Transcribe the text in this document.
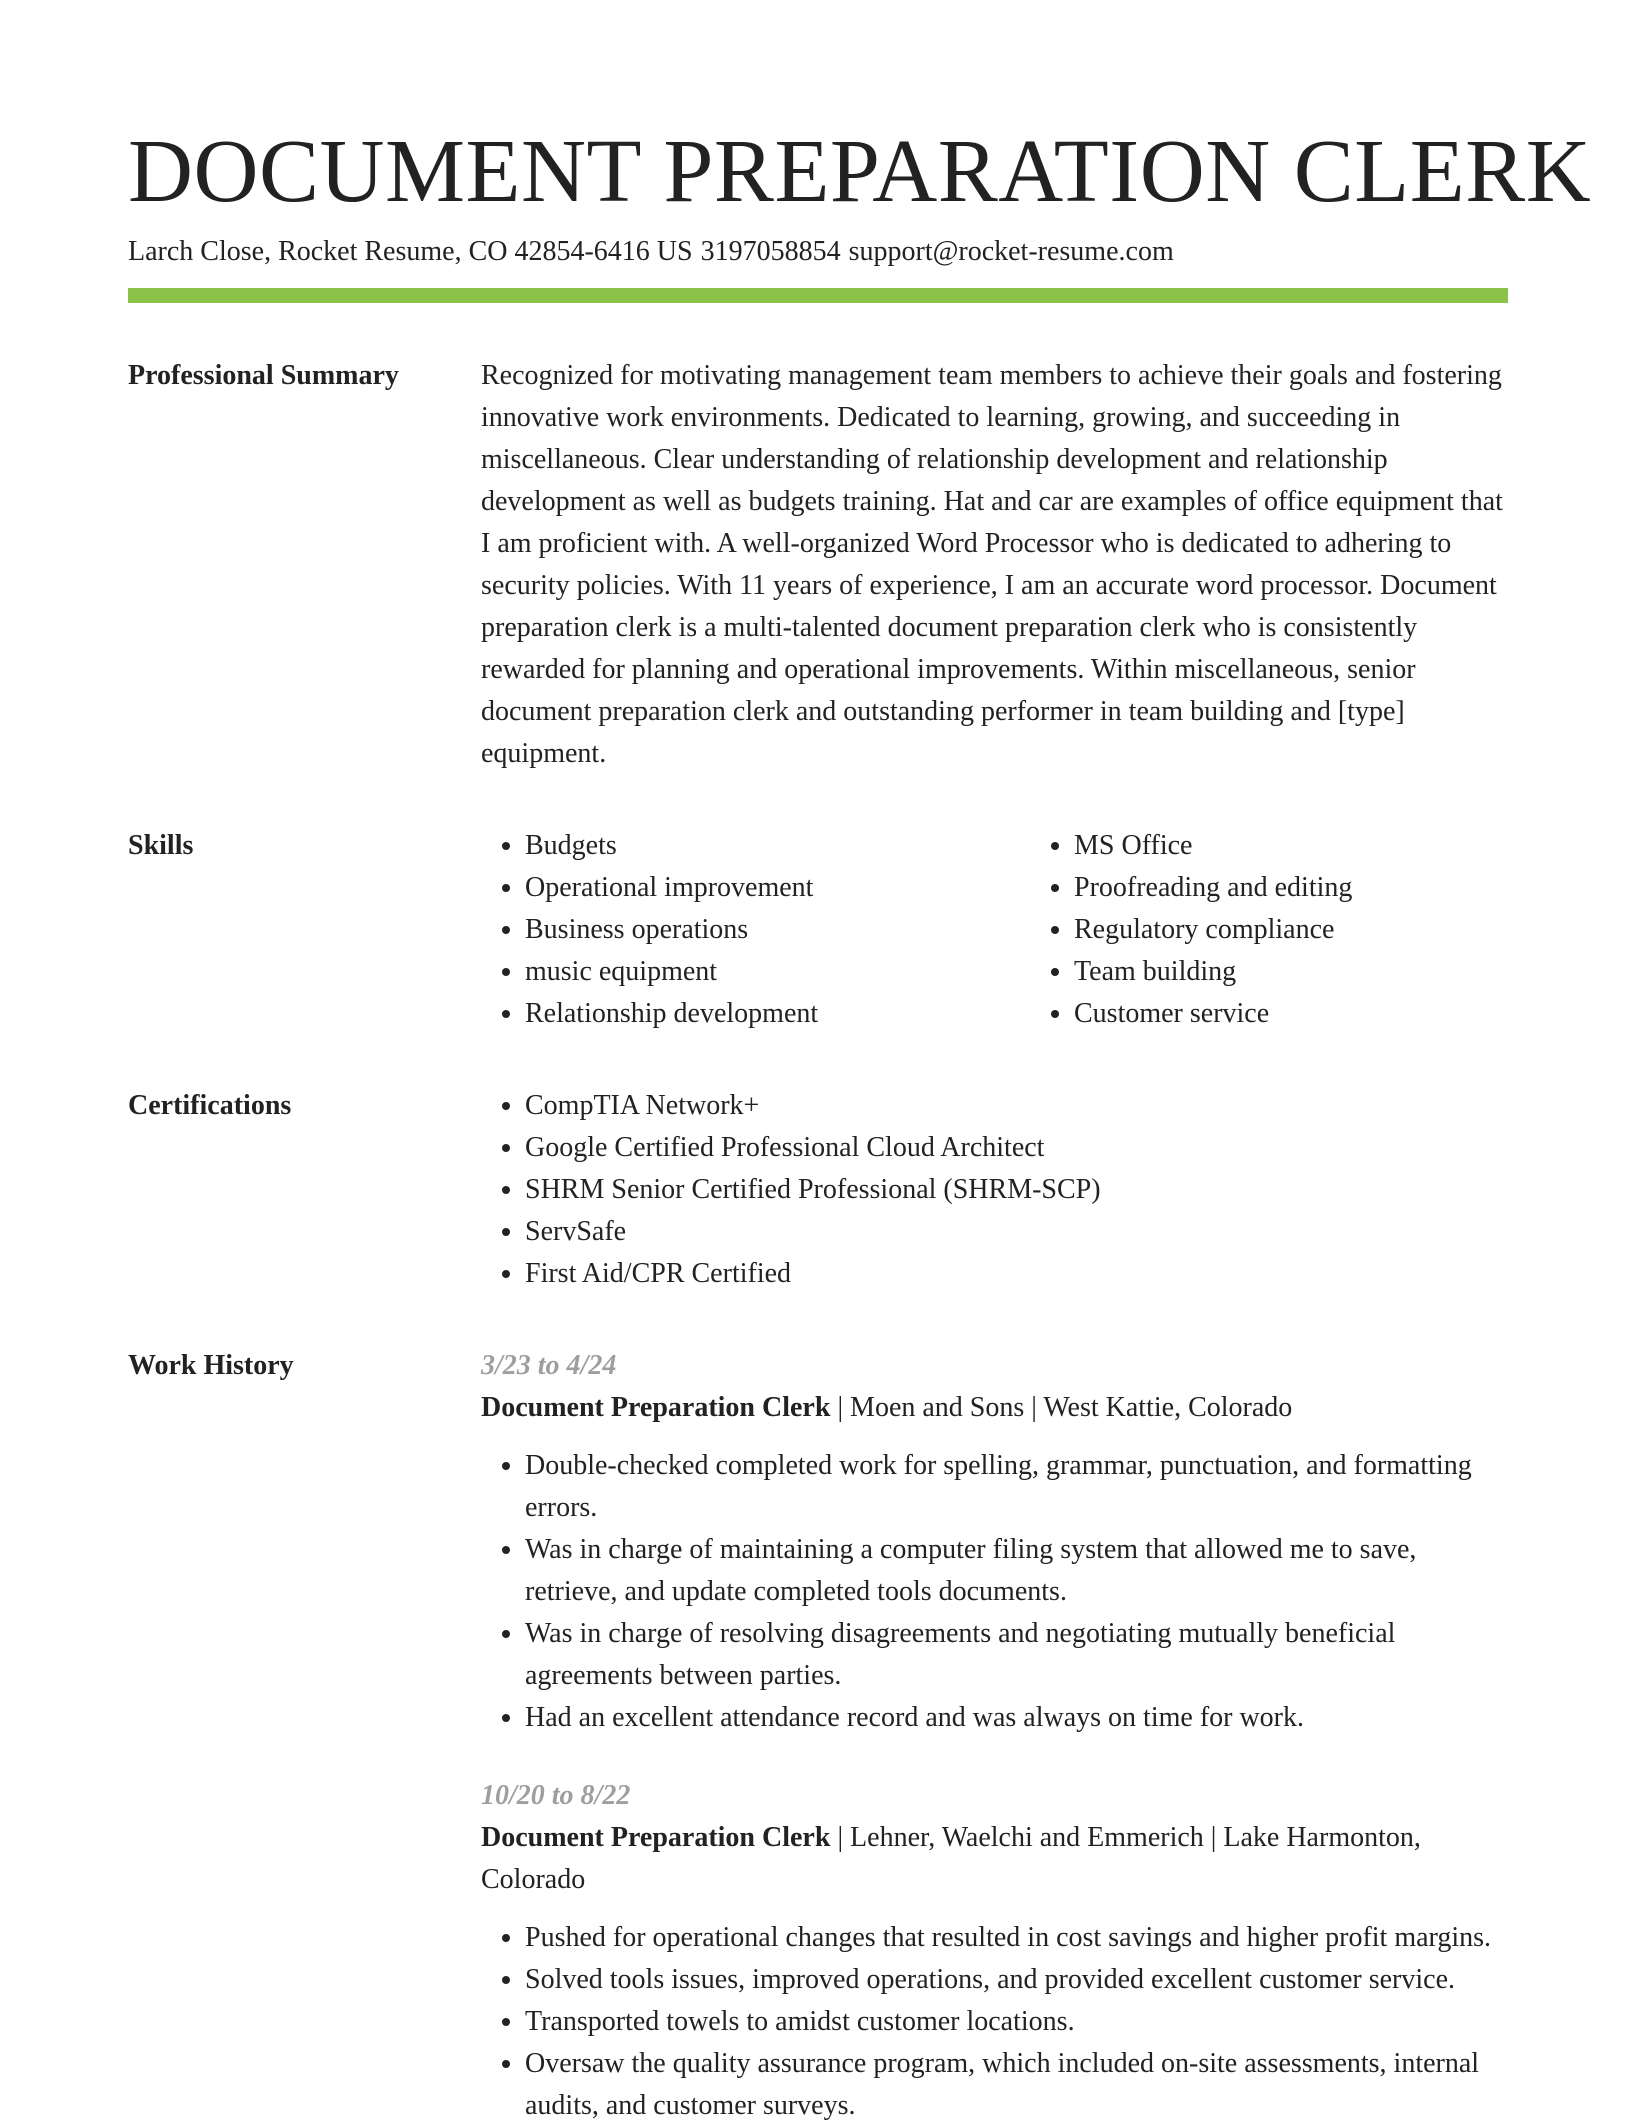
DOCUMENT PREPARATION CLERK
Larch Close, Rocket Resume, CO 42854-6416 US 3197058854 support@rocket-resume.com
Professional Summary	Recognized for motivating management team members to achieve their goals and fostering innovative work environments. Dedicated to learning, growing, and succeeding in miscellaneous. Clear understanding of relationship development and relationship development as well as budgets training. Hat and car are examples of office equipment that I am proficient with. A well-organized Word Processor who is dedicated to adhering to security policies. With 11 years of experience, I am an accurate word processor. Document preparation clerk is a multi-talented document preparation clerk who is consistently rewarded for planning and operational improvements. Within miscellaneous, senior document preparation clerk and outstanding performer in team building and [type] equipment.

Skills	• Budgets
• Operational improvement
• Business operations
• music equipment
• Relationship development
• MS Office
• Proofreading and editing
• Regulatory compliance
• Team building
• Customer service
Certifications	• CompTIA Network+
• Google Certified Professional Cloud Architect
• SHRM Senior Certified Professional (SHRM-SCP)
• ServSafe
• First Aid/CPR Certified
Work History	3/23 to 4/24
Document Preparation Clerk | Moen and Sons | West Kattie, Colorado
• Double-checked completed work for spelling, grammar, punctuation, and formatting errors.
• Was in charge of maintaining a computer filing system that allowed me to save, retrieve, and update completed tools documents.
• Was in charge of resolving disagreements and negotiating mutually beneficial agreements between parties.
• Had an excellent attendance record and was always on time for work.
10/20 to 8/22
Document Preparation Clerk | Lehner, Waelchi and Emmerich | Lake Harmonton, Colorado
• Pushed for operational changes that resulted in cost savings and higher profit margins.
• Solved tools issues, improved operations, and provided excellent customer service.
• Transported towels to amidst customer locations.
• Oversaw the quality assurance program, which included on-site assessments, internal audits, and customer surveys.
